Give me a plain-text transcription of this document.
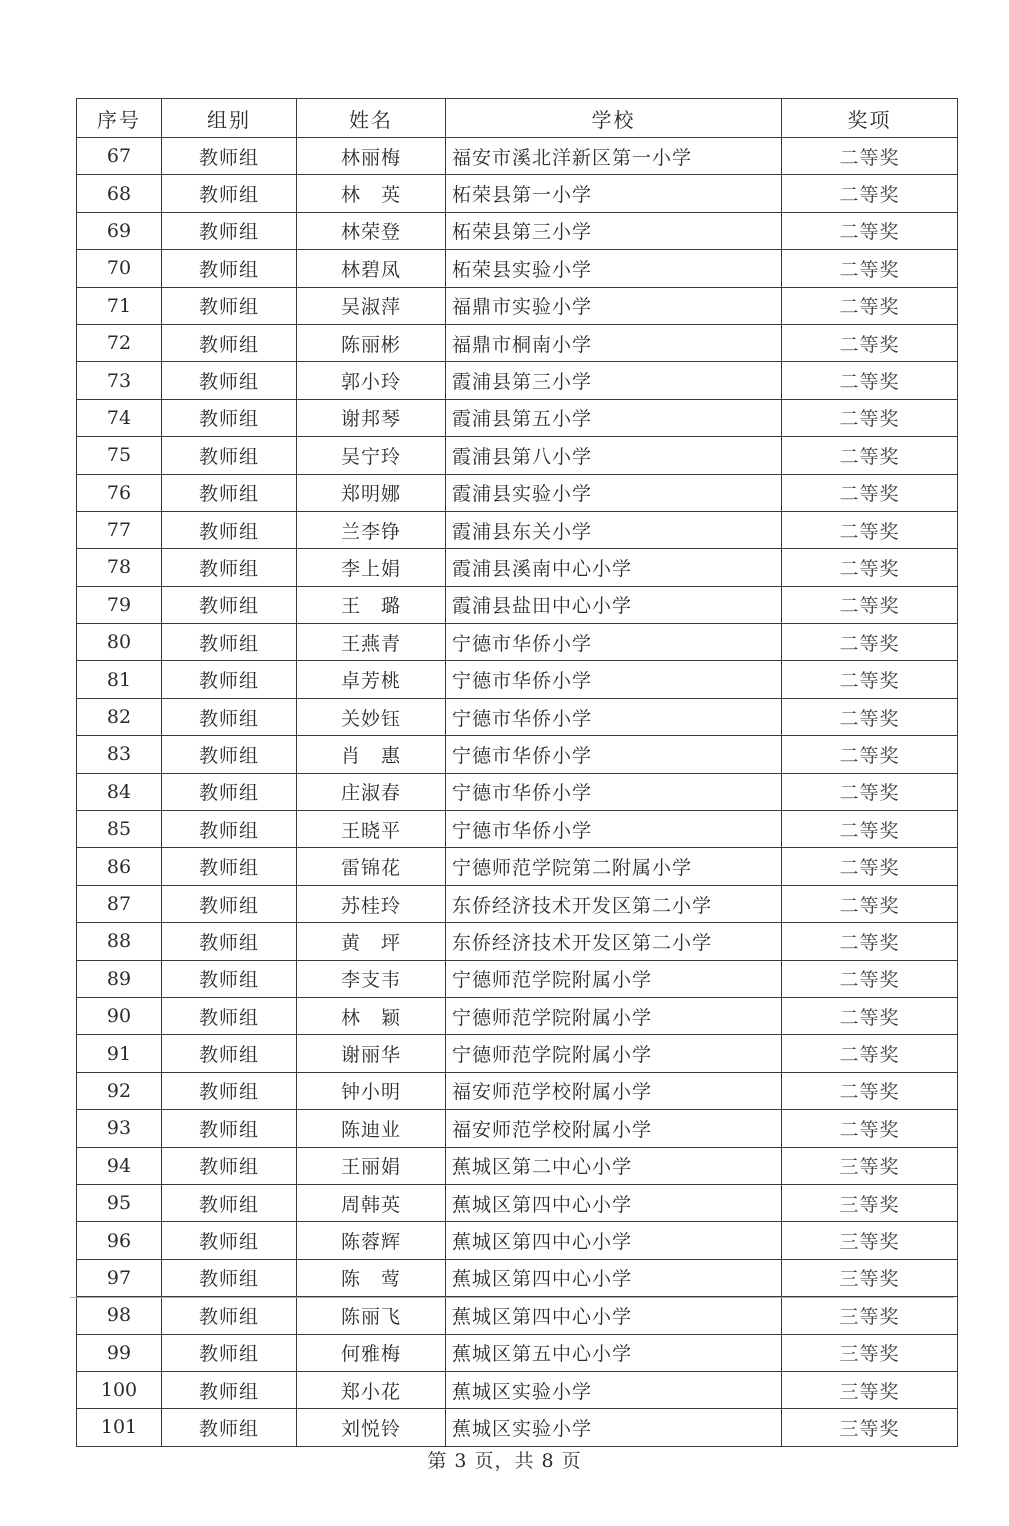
序号	组别	姓名	学校	奖项
67	教师组	林丽梅	福安市溪北洋新区第一小学	二等奖
68	教师组	林　英	柘荣县第一小学	二等奖
69	教师组	林荣登	柘荣县第三小学	二等奖
70	教师组	林碧凤	柘荣县实验小学	二等奖
71	教师组	吴淑萍	福鼎市实验小学	二等奖
72	教师组	陈丽彬	福鼎市桐南小学	二等奖
73	教师组	郭小玲	霞浦县第三小学	二等奖
74	教师组	谢邦琴	霞浦县第五小学	二等奖
75	教师组	吴宁玲	霞浦县第八小学	二等奖
76	教师组	郑明娜	霞浦县实验小学	二等奖
77	教师组	兰李铮	霞浦县东关小学	二等奖
78	教师组	李上娟	霞浦县溪南中心小学	二等奖
79	教师组	王　璐	霞浦县盐田中心小学	二等奖
80	教师组	王燕青	宁德市华侨小学	二等奖
81	教师组	卓芳桃	宁德市华侨小学	二等奖
82	教师组	关妙钰	宁德市华侨小学	二等奖
83	教师组	肖　惠	宁德市华侨小学	二等奖
84	教师组	庄淑春	宁德市华侨小学	二等奖
85	教师组	王晓平	宁德市华侨小学	二等奖
86	教师组	雷锦花	宁德师范学院第二附属小学	二等奖
87	教师组	苏桂玲	东侨经济技术开发区第二小学	二等奖
88	教师组	黄　坪	东侨经济技术开发区第二小学	二等奖
89	教师组	李支韦	宁德师范学院附属小学	二等奖
90	教师组	林　颖	宁德师范学院附属小学	二等奖
91	教师组	谢丽华	宁德师范学院附属小学	二等奖
92	教师组	钟小明	福安师范学校附属小学	二等奖
93	教师组	陈迪业	福安师范学校附属小学	二等奖
94	教师组	王丽娟	蕉城区第二中心小学	三等奖
95	教师组	周韩英	蕉城区第四中心小学	三等奖
96	教师组	陈蓉辉	蕉城区第四中心小学	三等奖
97	教师组	陈　莺	蕉城区第四中心小学	三等奖
98	教师组	陈丽飞	蕉城区第四中心小学	三等奖
99	教师组	何雅梅	蕉城区第五中心小学	三等奖
100	教师组	郑小花	蕉城区实验小学	三等奖
101	教师组	刘悦铃	蕉城区实验小学	三等奖
第 3 页，共 8 页
